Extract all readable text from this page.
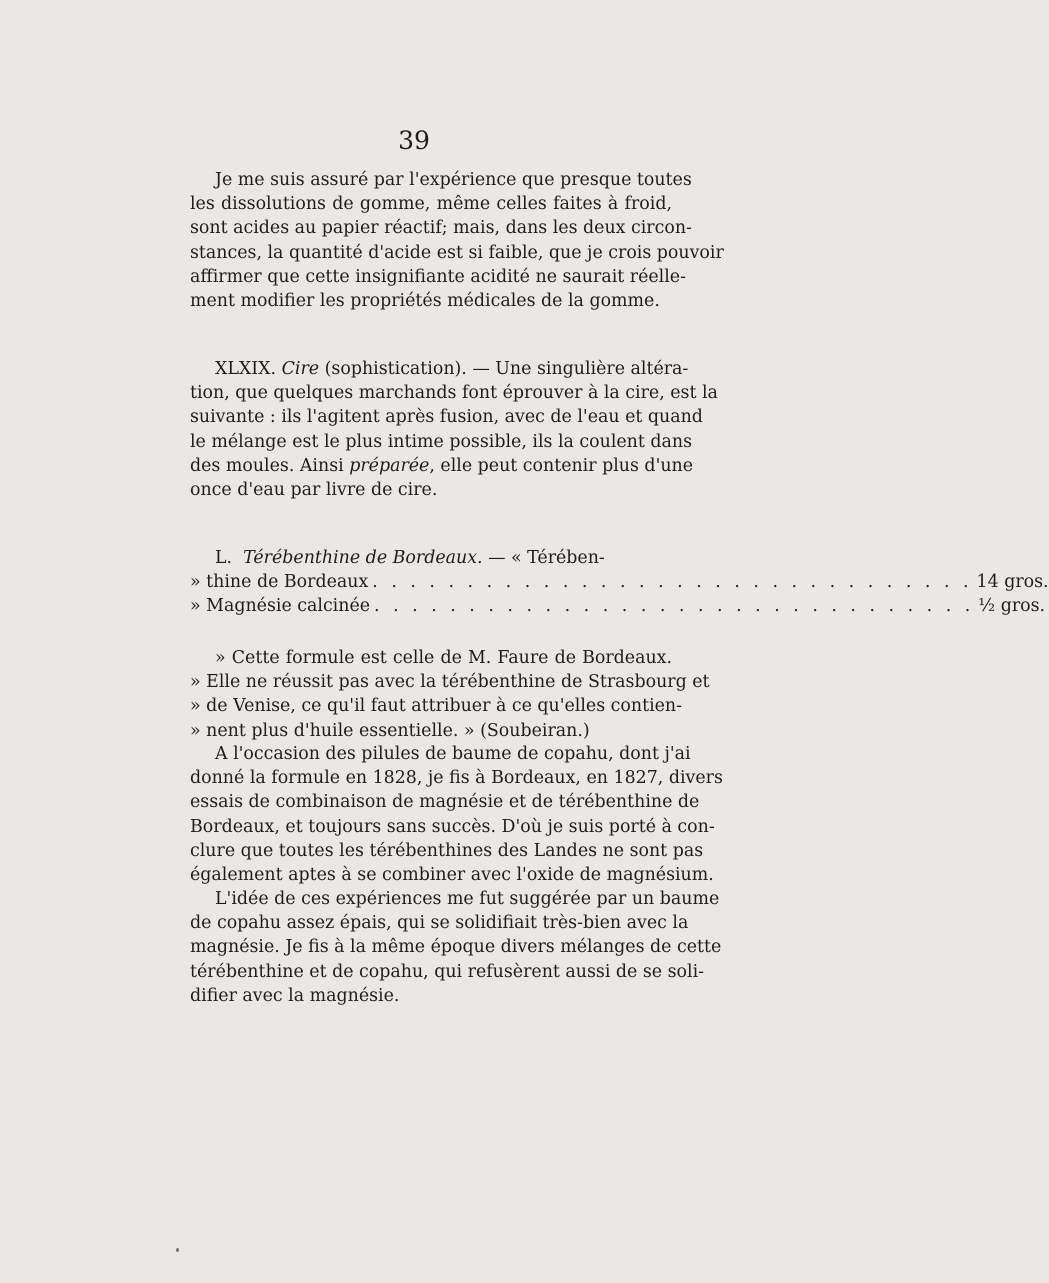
39
Je me suis assuré par l'expérience que presque toutes
les dissolutions de gomme, même celles faites à froid,
sont acides au papier réactif; mais, dans les deux circon-
stances, la quantité d'acide est si faible, que je crois pouvoir
affirmer que cette insignifiante acidité ne saurait réelle-
ment modifier les propriétés médicales de la gomme.
XLXIX. Cire (sophistication). — Une singulière altéra-
tion, que quelques marchands font éprouver à la cire, est la
suivante : ils l'agitent après fusion, avec de l'eau et quand
le mélange est le plus intime possible, ils la coulent dans
des moules. Ainsi préparée, elle peut contenir plus d'une
once d'eau par livre de cire.
L. Térébenthine de Bordeaux. — « Térében-
» thine de Bordeaux . . . . . . . . . . . . . . . . . . . . . . . . . . . . . . . . 14
gros.
» Magnésie calcinée . . . . . . . . . . . . . . . . . . . . . . . . . . . . . . . . ½
gros.
» Cette formule est celle de M. Faure de Bordeaux.
» Elle ne réussit pas avec la térébenthine de Strasbourg et
» de Venise, ce qu'il faut attribuer à ce qu'elles contien-
» nent plus d'huile essentielle. » (Soubeiran.)
A l'occasion des pilules de baume de copahu, dont j'ai
donné la formule en 1828, je fis à Bordeaux, en 1827, divers
essais de combinaison de magnésie et de térébenthine de
Bordeaux, et toujours sans succès. D'où je suis porté à con-
clure que toutes les térébenthines des Landes ne sont pas
également aptes à se combiner avec l'oxide de magnésium.
L'idée de ces expériences me fut suggérée par un baume
de copahu assez épais, qui se solidifiait très-bien avec la
magnésie. Je fis à la même époque divers mélanges de cette
térébenthine et de copahu, qui refusèrent aussi de se soli-
difier avec la magnésie.
